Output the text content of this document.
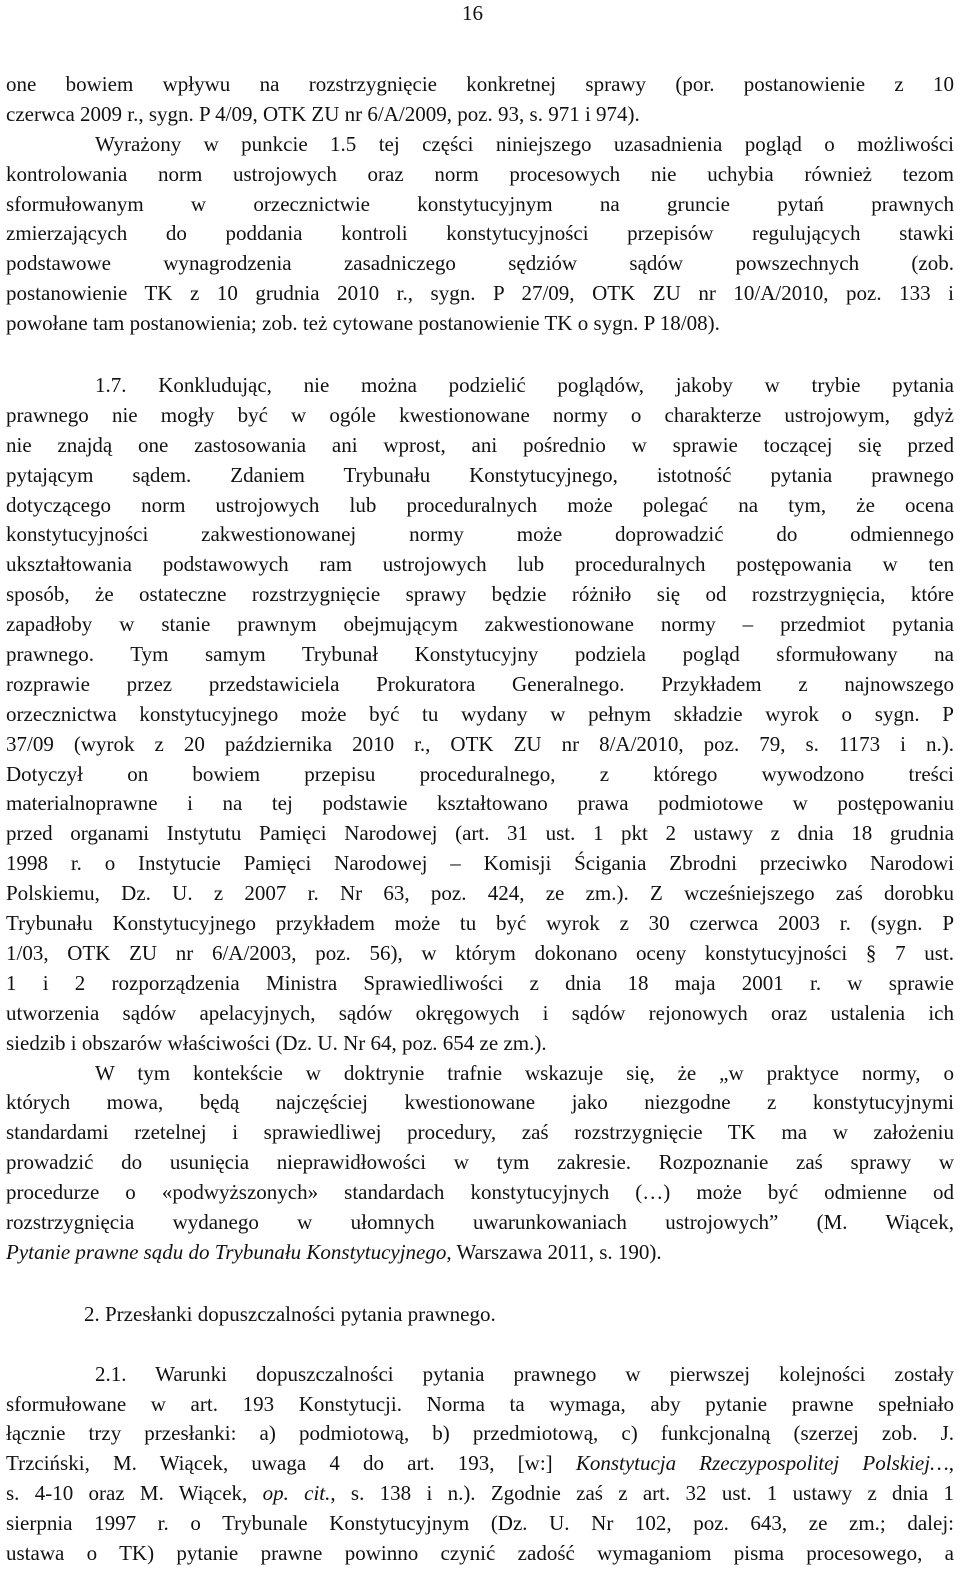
16

one bowiem wpływu na rozstrzygnięcie konkretnej sprawy (por. postanowienie z 10
czerwca 2009 r., sygn. P 4/09, OTK ZU nr 6/A/2009, poz. 93, s. 971 i 974).

Wyrażony w punkcie 1.5 tej części niniejszego uzasadnienia pogląd o możliwości
kontrolowania norm ustrojowych oraz norm procesowych nie uchybia również tezom
sformułowanym w orzecznictwie konstytucyjnym na gruncie pytań prawnych
zmierzających do poddania kontroli konstytucyjności przepisów regulujących stawki
podstawowe wynagrodzenia zasadniczego sędziów sądów powszechnych (zob.
postanowienie TK z 10 grudnia 2010 r., sygn. P 27/09, OTK ZU nr 10/A/2010, poz. 133 i
powołane tam postanowienia; zob. też cytowane postanowienie TK o sygn. P 18/08).

1.7. Konkludując, nie można podzielić poglądów, jakoby w trybie pytania
prawnego nie mogły być w ogóle kwestionowane normy o charakterze ustrojowym, gdyż
nie znajdą one zastosowania ani wprost, ani pośrednio w sprawie toczącej się przed
pytającym sądem. Zdaniem Trybunału Konstytucyjnego, istotność pytania prawnego
dotyczącego norm ustrojowych lub proceduralnych może polegać na tym, że ocena
konstytucyjności zakwestionowanej normy może doprowadzić do odmiennego
ukształtowania podstawowych ram ustrojowych lub proceduralnych postępowania w ten
sposób, że ostateczne rozstrzygnięcie sprawy będzie różniło się od rozstrzygnięcia, które
zapadłoby w stanie prawnym obejmującym zakwestionowane normy – przedmiot pytania
prawnego. Tym samym Trybunał Konstytucyjny podziela pogląd sformułowany na
rozprawie przez przedstawiciela Prokuratora Generalnego. Przykładem z najnowszego
orzecznictwa konstytucyjnego może być tu wydany w pełnym składzie wyrok o sygn. P
37/09 (wyrok z 20 października 2010 r., OTK ZU nr 8/A/2010, poz. 79, s. 1173 i n.).
Dotyczył on bowiem przepisu proceduralnego, z którego wywodzono treści
materialnoprawne i na tej podstawie kształtowano prawa podmiotowe w postępowaniu
przed organami Instytutu Pamięci Narodowej (art. 31 ust. 1 pkt 2 ustawy z dnia 18 grudnia
1998 r. o Instytucie Pamięci Narodowej – Komisji Ścigania Zbrodni przeciwko Narodowi
Polskiemu, Dz. U. z 2007 r. Nr 63, poz. 424, ze zm.). Z wcześniejszego zaś dorobku
Trybunału Konstytucyjnego przykładem może tu być wyrok z 30 czerwca 2003 r. (sygn. P
1/03, OTK ZU nr 6/A/2003, poz. 56), w którym dokonano oceny konstytucyjności § 7 ust.
1 i 2 rozporządzenia Ministra Sprawiedliwości z dnia 18 maja 2001 r. w sprawie
utworzenia sądów apelacyjnych, sądów okręgowych i sądów rejonowych oraz ustalenia ich
siedzib i obszarów właściwości (Dz. U. Nr 64, poz. 654 ze zm.).

W tym kontekście w doktrynie trafnie wskazuje się, że „w praktyce normy, o
których mowa, będą najczęściej kwestionowane jako niezgodne z konstytucyjnymi
standardami rzetelnej i sprawiedliwej procedury, zaś rozstrzygnięcie TK ma w założeniu
prowadzić do usunięcia nieprawidłowości w tym zakresie. Rozpoznanie zaś sprawy w
procedurze o «podwyższonych» standardach konstytucyjnych (…) może być odmienne od
rozstrzygnięcia wydanego w ułomnych uwarunkowaniach ustrojowych” (M. Wiącek,
Pytanie prawne sądu do Trybunału Konstytucyjnego, Warszawa 2011, s. 190).

2. Przesłanki dopuszczalności pytania prawnego.

2.1. Warunki dopuszczalności pytania prawnego w pierwszej kolejności zostały
sformułowane w art. 193 Konstytucji. Norma ta wymaga, aby pytanie prawne spełniało
łącznie trzy przesłanki: a) podmiotową, b) przedmiotową, c) funkcjonalną (szerzej zob. J.
Trzciński, M. Wiącek, uwaga 4 do art. 193, [w:] Konstytucja Rzeczypospolitej Polskiej…,
s. 4-10 oraz M. Wiącek, op. cit., s. 138 i n.). Zgodnie zaś z art. 32 ust. 1 ustawy z dnia 1
sierpnia 1997 r. o Trybunale Konstytucyjnym (Dz. U. Nr 102, poz. 643, ze zm.; dalej:
ustawa o TK) pytanie prawne powinno czynić zadość wymaganiom pisma procesowego, a
